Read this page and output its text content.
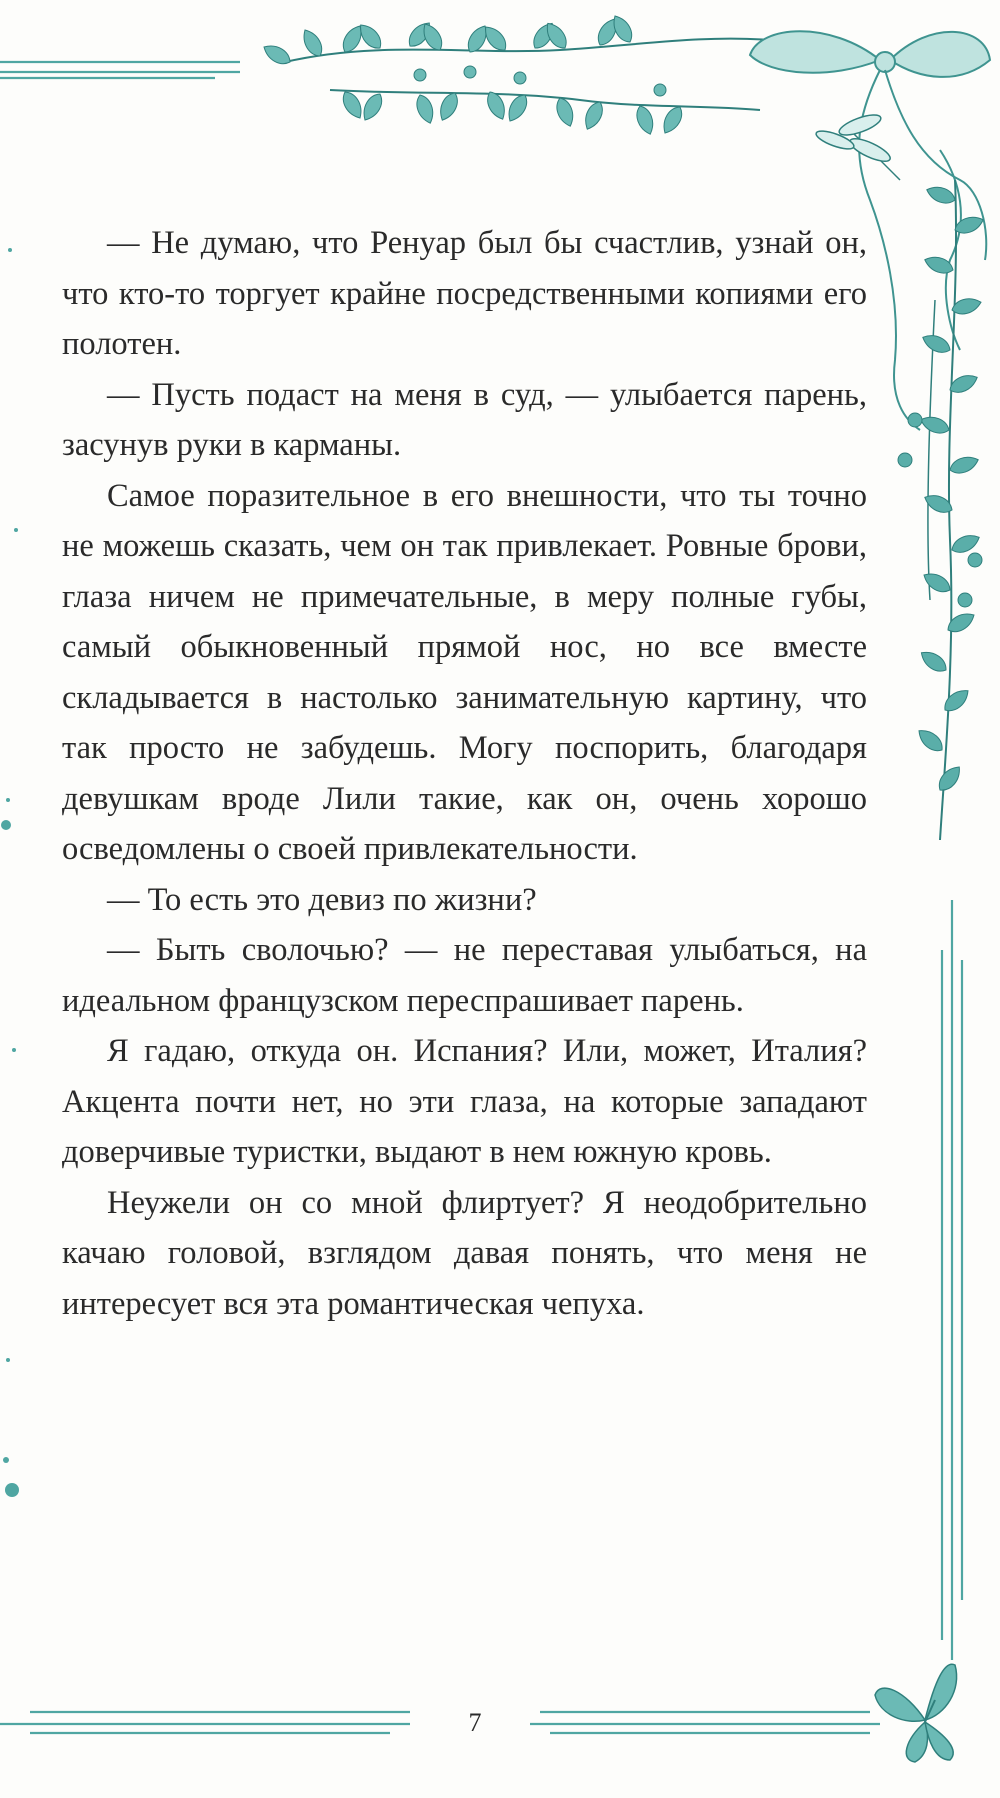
— Не думаю, что Ренуар был бы счастлив, узнай он, что кто-то торгует крайне посредственными копиями его полотен.

— Пусть подаст на меня в суд, — улыбается парень, засунув руки в карманы.

Самое поразительное в его внешности, что ты точно не можешь сказать, чем он так привлекает. Ровные брови, глаза ничем не примечательные, в меру полные губы, самый обыкновенный прямой нос, но все вместе складывается в настолько занимательную картину, что так просто не забудешь. Могу поспорить, благодаря девушкам вроде Лили такие, как он, очень хорошо осведомлены о своей привлекательности.

— То есть это девиз по жизни?

— Быть сволочью? — не переставая улыбаться, на идеальном французском переспрашивает парень.

Я гадаю, откуда он. Испания? Или, может, Италия? Акцента почти нет, но эти глаза, на которые западают доверчивые туристки, выдают в нем южную кровь.

Неужели он со мной флиртует? Я неодобрительно качаю головой, взглядом давая понять, что меня не интересует вся эта романтическая чепуха.

7
